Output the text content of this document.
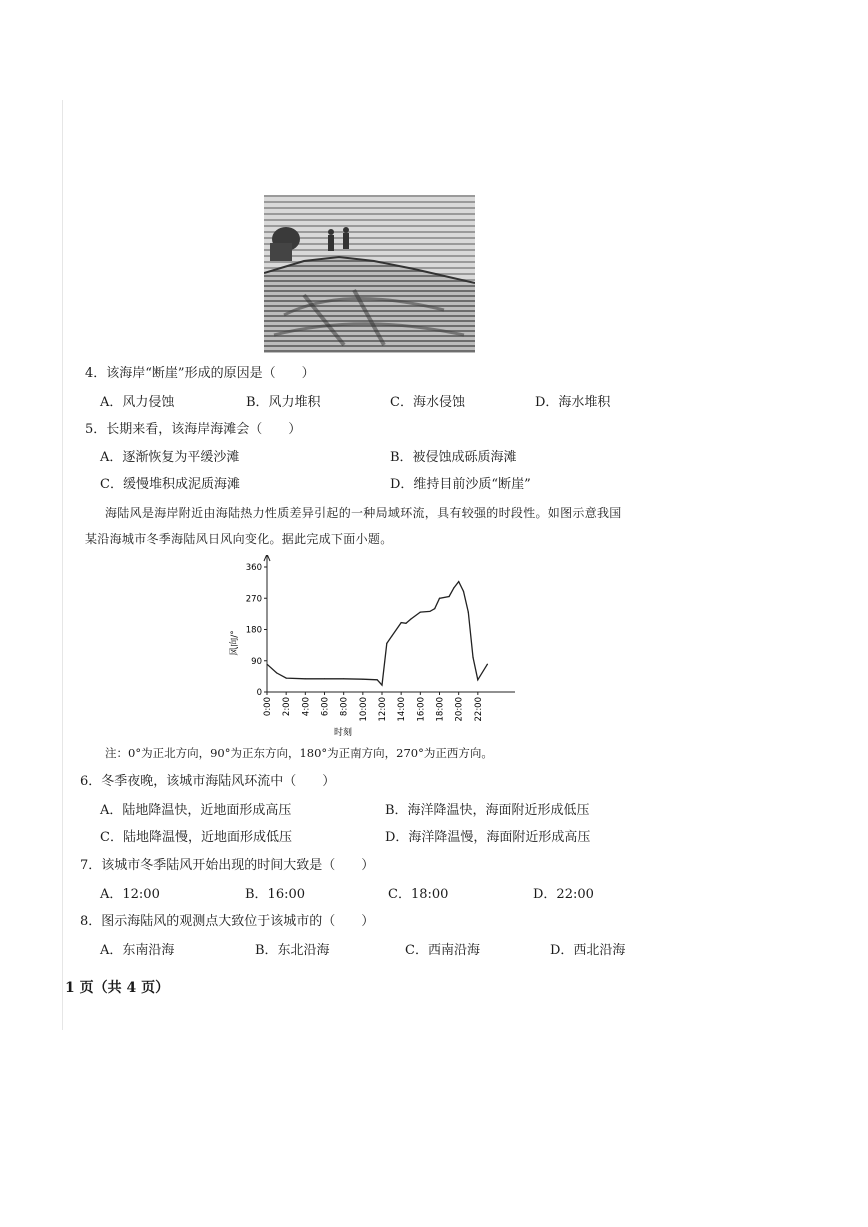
4．该海岸“断崖”形成的原因是（　　）
A．风力侵蚀	B．风力堆积	C．海水侵蚀	D．海水堆积
5．长期来看，该海岸海滩会（　　）
A．逐渐恢复为平缓沙滩	B．被侵蚀成砾质海滩
C．缓慢堆积成泥质海滩	D．维持目前沙质“断崖”
海陆风是海岸附近由海陆热力性质差异引起的一种局域环流，具有较强的时段性。如图示意我国
某沿海城市冬季海陆风日风向变化。据此完成下面小题。
0
90
180
270
360
0:00 2:00 4:00 6:00 8:00 10:00 12:00 14:00 16:00 18:00 20:00 22:00
风向/°
时刻
注：0°为正北方向，90°为正东方向，180°为正南方向，270°为正西方向。
6．冬季夜晚，该城市海陆风环流中（　　）
A．陆地降温快，近地面形成高压	B．海洋降温快，海面附近形成低压
C．陆地降温慢，近地面形成低压	D．海洋降温慢，海面附近形成高压
7．该城市冬季陆风开始出现的时间大致是（　　）
A．12:00	B．16:00	C．18:00	D．22:00
8．图示海陆风的观测点大致位于该城市的（　　）
A．东南沿海	B．东北沿海	C．西南沿海	D．西北沿海
1 页（共 4 页）
